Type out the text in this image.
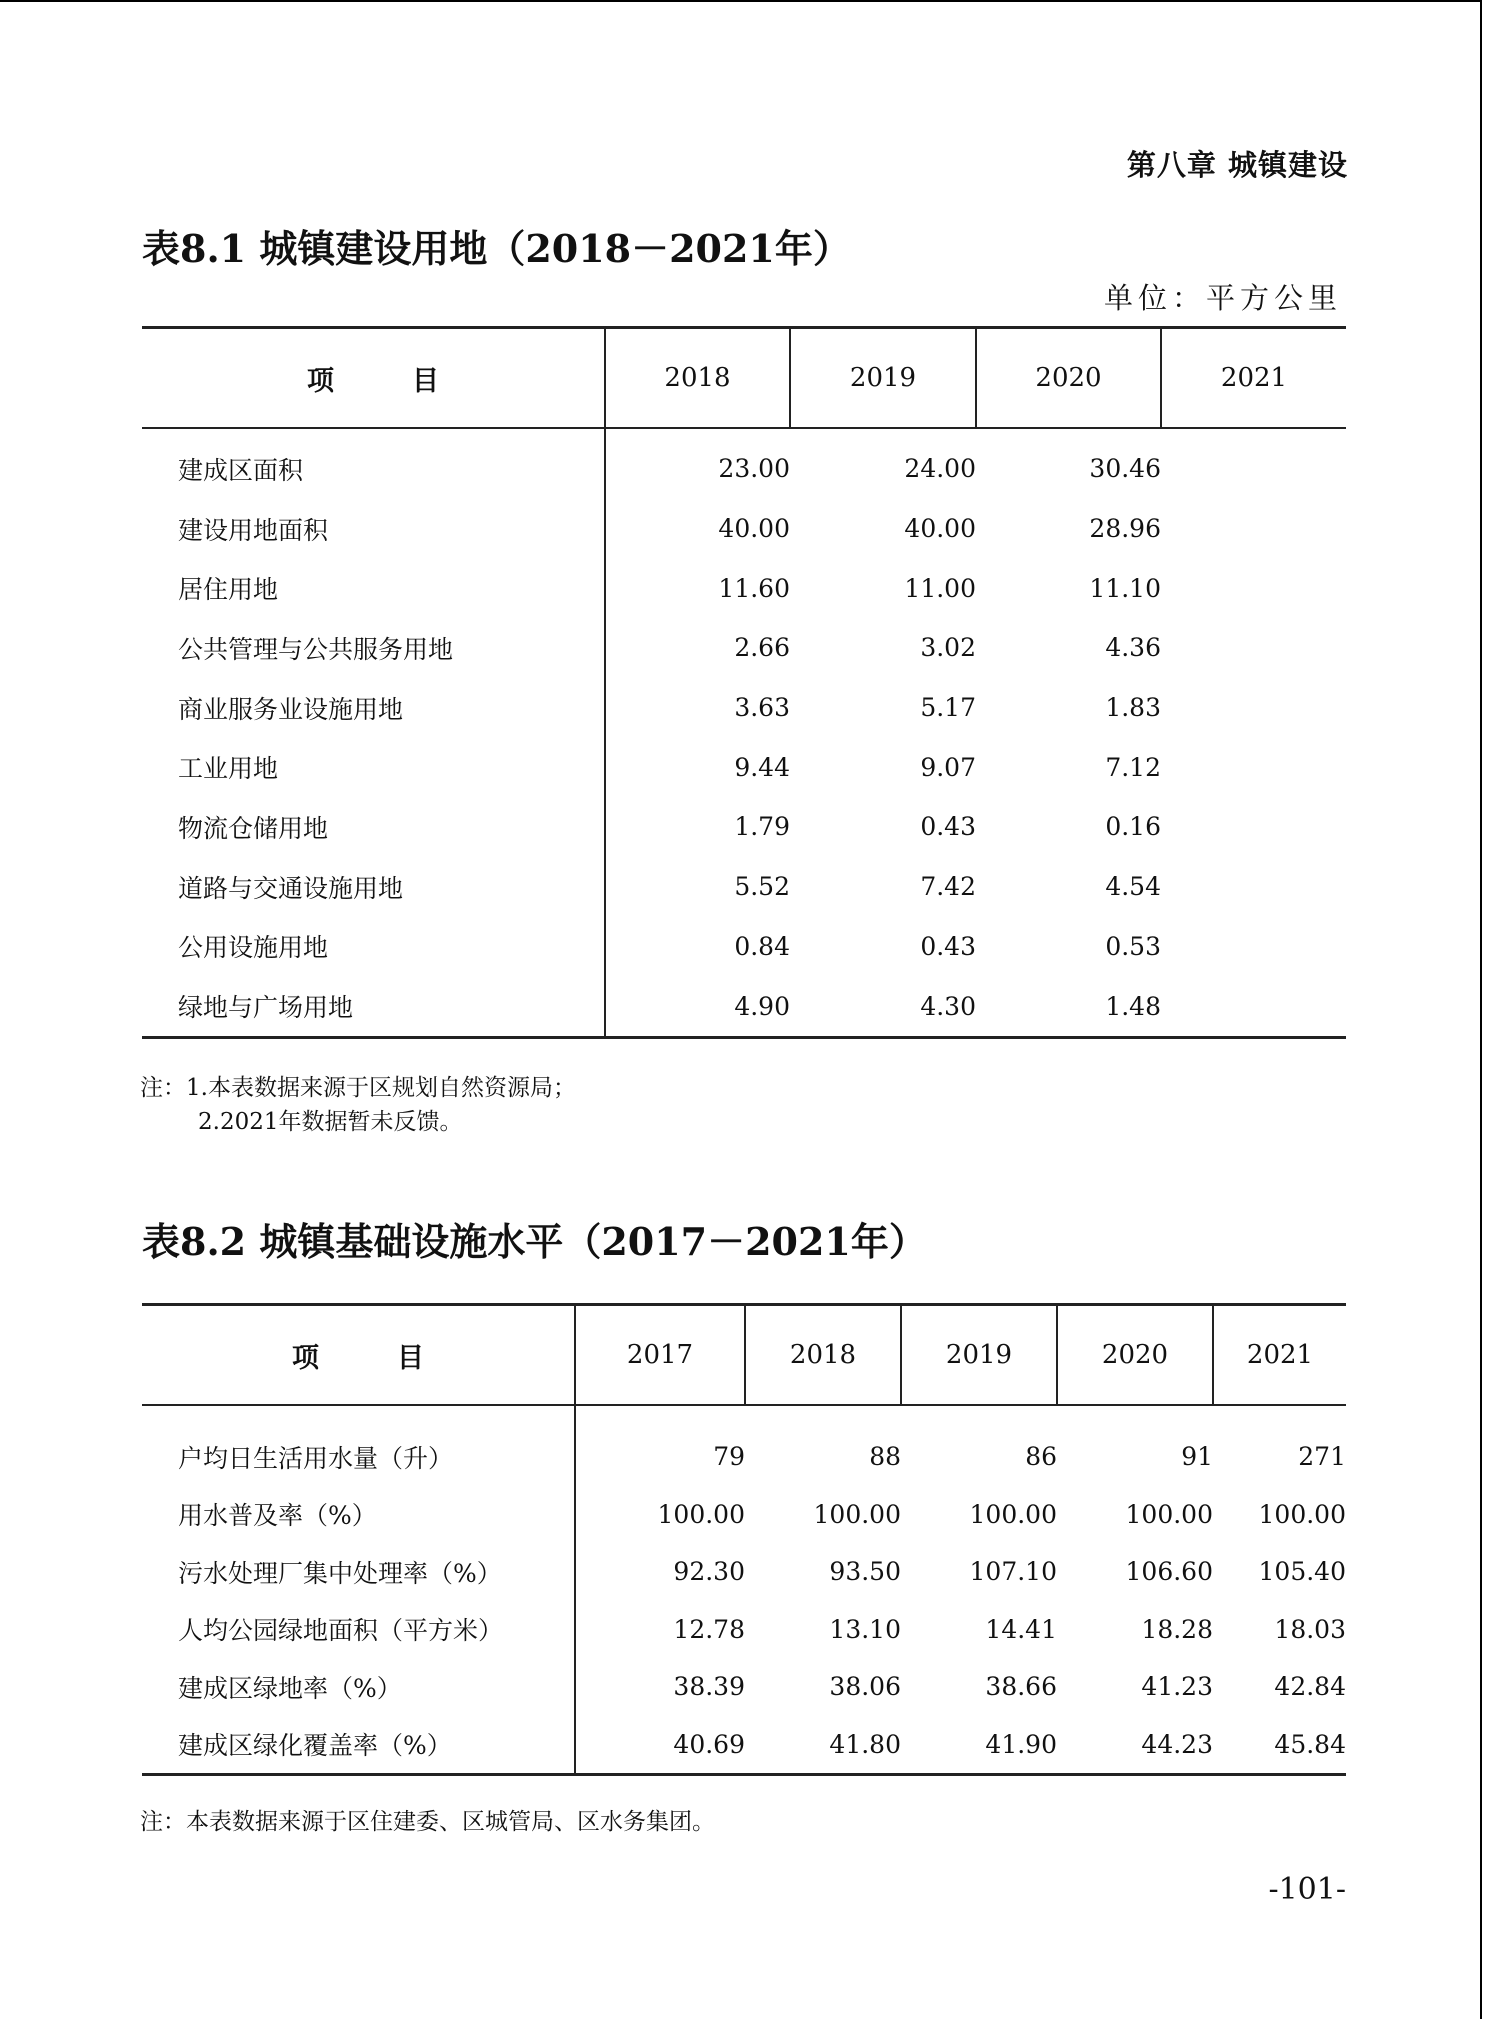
第八章 城镇建设
表8.1 城镇建设用地（2018－2021年）
单位：平方公里
项 目	2018	2019	2020	2021
建成区面积	23.00	24.00	30.46	
建设用地面积	40.00	40.00	28.96	
居住用地	11.60	11.00	11.10	
公共管理与公共服务用地	2.66	3.02	4.36	
商业服务业设施用地	3.63	5.17	1.83	
工业用地	9.44	9.07	7.12	
物流仓储用地	1.79	0.43	0.16	
道路与交通设施用地	5.52	7.42	4.54	
公用设施用地	0.84	0.43	0.53	
绿地与广场用地	4.90	4.30	1.48	
注：1.本表数据来源于区规划自然资源局；
2.2021年数据暂未反馈。
表8.2 城镇基础设施水平（2017－2021年）
项 目	2017	2018	2019	2020	2021
户均日生活用水量（升）	79	88	86	91	271
用水普及率（%）	100.00	100.00	100.00	100.00	100.00
污水处理厂集中处理率（%）	92.30	93.50	107.10	106.60	105.40
人均公园绿地面积（平方米）	12.78	13.10	14.41	18.28	18.03
建成区绿地率（%）	38.39	38.06	38.66	41.23	42.84
建成区绿化覆盖率（%）	40.69	41.80	41.90	44.23	45.84
注：本表数据来源于区住建委、区城管局、区水务集团。
-101-
